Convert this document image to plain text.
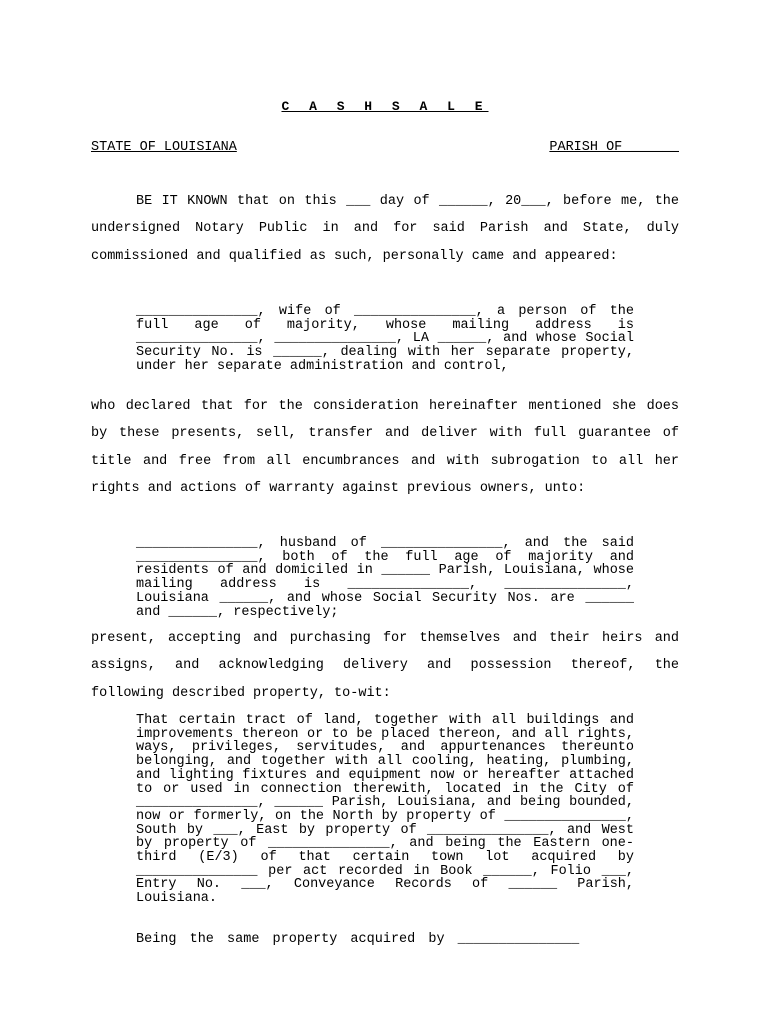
C A S H S A L E
STATE OF LOUISIANA	PARISH OF ______
BE IT KNOWN that on this ___ day of ______, 20___, before me, the undersigned Notary Public in and for said Parish and State, duly commissioned and qualified as such, personally came and appeared:
_______________, wife of _______________, a person of the full age of majority, whose mailing address is _______________, _______________, LA ______, and whose Social Security No. is ______, dealing with her separate property, under her separate administration and control,
who declared that for the consideration hereinafter mentioned she does by these presents, sell, transfer and deliver with full guarantee of title and free from all encumbrances and with subrogation to all her rights and actions of warranty against previous owners, unto:
_______________, husband of _______________, and the said _______________, both of the full age of majority and residents of and domiciled in ______ Parish, Louisiana, whose mailing address is _______________, _______________, Louisiana ______, and whose Social Security Nos. are ______ and ______, respectively;
present, accepting and purchasing for themselves and their heirs and assigns, and acknowledging delivery and possession thereof, the following described property, to-wit:
That certain tract of land, together with all buildings and improvements thereon or to be placed thereon, and all rights, ways, privileges, servitudes, and appurtenances thereunto belonging, and together with all cooling, heating, plumbing, and lighting fixtures and equipment now or hereafter attached to or used in connection therewith, located in the City of _______________, ______ Parish, Louisiana, and being bounded, now or formerly, on the North by property of _______________, South by ___, East by property of _______________, and West by property of _______________, and being the Eastern one-third (E/3) of that certain town lot acquired by _______________ per act recorded in Book ______, Folio ___, Entry No. ___, Conveyance Records of ______ Parish, Louisiana.
Being the same property acquired by _______________
